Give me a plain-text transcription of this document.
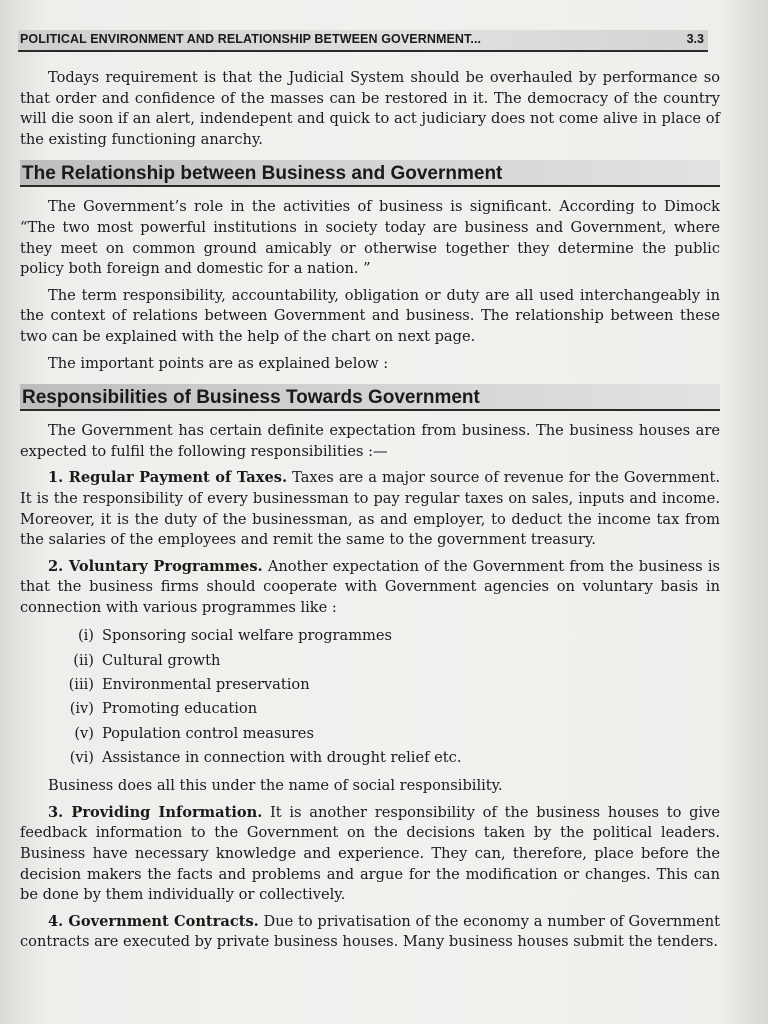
POLITICAL ENVIRONMENT AND RELATIONSHIP BETWEEN GOVERNMENT...	3.3

Todays requirement is that the Judicial System should be overhauled by performance so that order and confidence of the masses can be restored in it. The democracy of the country will die soon if an alert, indendepent and quick to act judiciary does not come alive in place of the existing functioning anarchy.

The Relationship between Business and Government

The Government’s role in the activities of business is significant. According to Dimock “The two most powerful institutions in society today are business and Government, where they meet on common ground amicably or otherwise together they determine the public policy both foreign and domestic for a nation. ”

The term responsibility, accountability, obligation or duty are all used interchangeably in the context of relations between Government and business. The relationship between these two can be explained with the help of the chart on next page.

The important points are as explained below :

Responsibilities of Business Towards Government

The Government has certain definite expectation from business. The business houses are expected to fulfil the following responsibilities :—

1. Regular Payment of Taxes. Taxes are a major source of revenue for the Government. It is the responsibility of every businessman to pay regular taxes on sales, inputs and income. Moreover, it is the duty of the businessman, as and employer, to deduct the income tax from the salaries of the employees and remit the same to the government treasury.

2. Voluntary Programmes. Another expectation of the Government from the business is that the business firms should cooperate with Government agencies on voluntary basis in connection with various programmes like :

(i) Sponsoring social welfare programmes
(ii) Cultural growth
(iii) Environmental preservation
(iv) Promoting education
(v) Population control measures
(vi) Assistance in connection with drought relief etc.

Business does all this under the name of social responsibility.

3. Providing Information. It is another responsibility of the business houses to give feedback information to the Government on the decisions taken by the political leaders. Business have necessary knowledge and experience. They can, therefore, place before the decision makers the facts and problems and argue for the modification or changes. This can be done by them individually or collectively.

4. Government Contracts. Due to privatisation of the economy a number of Government contracts are executed by private business houses. Many business houses submit the tenders.
